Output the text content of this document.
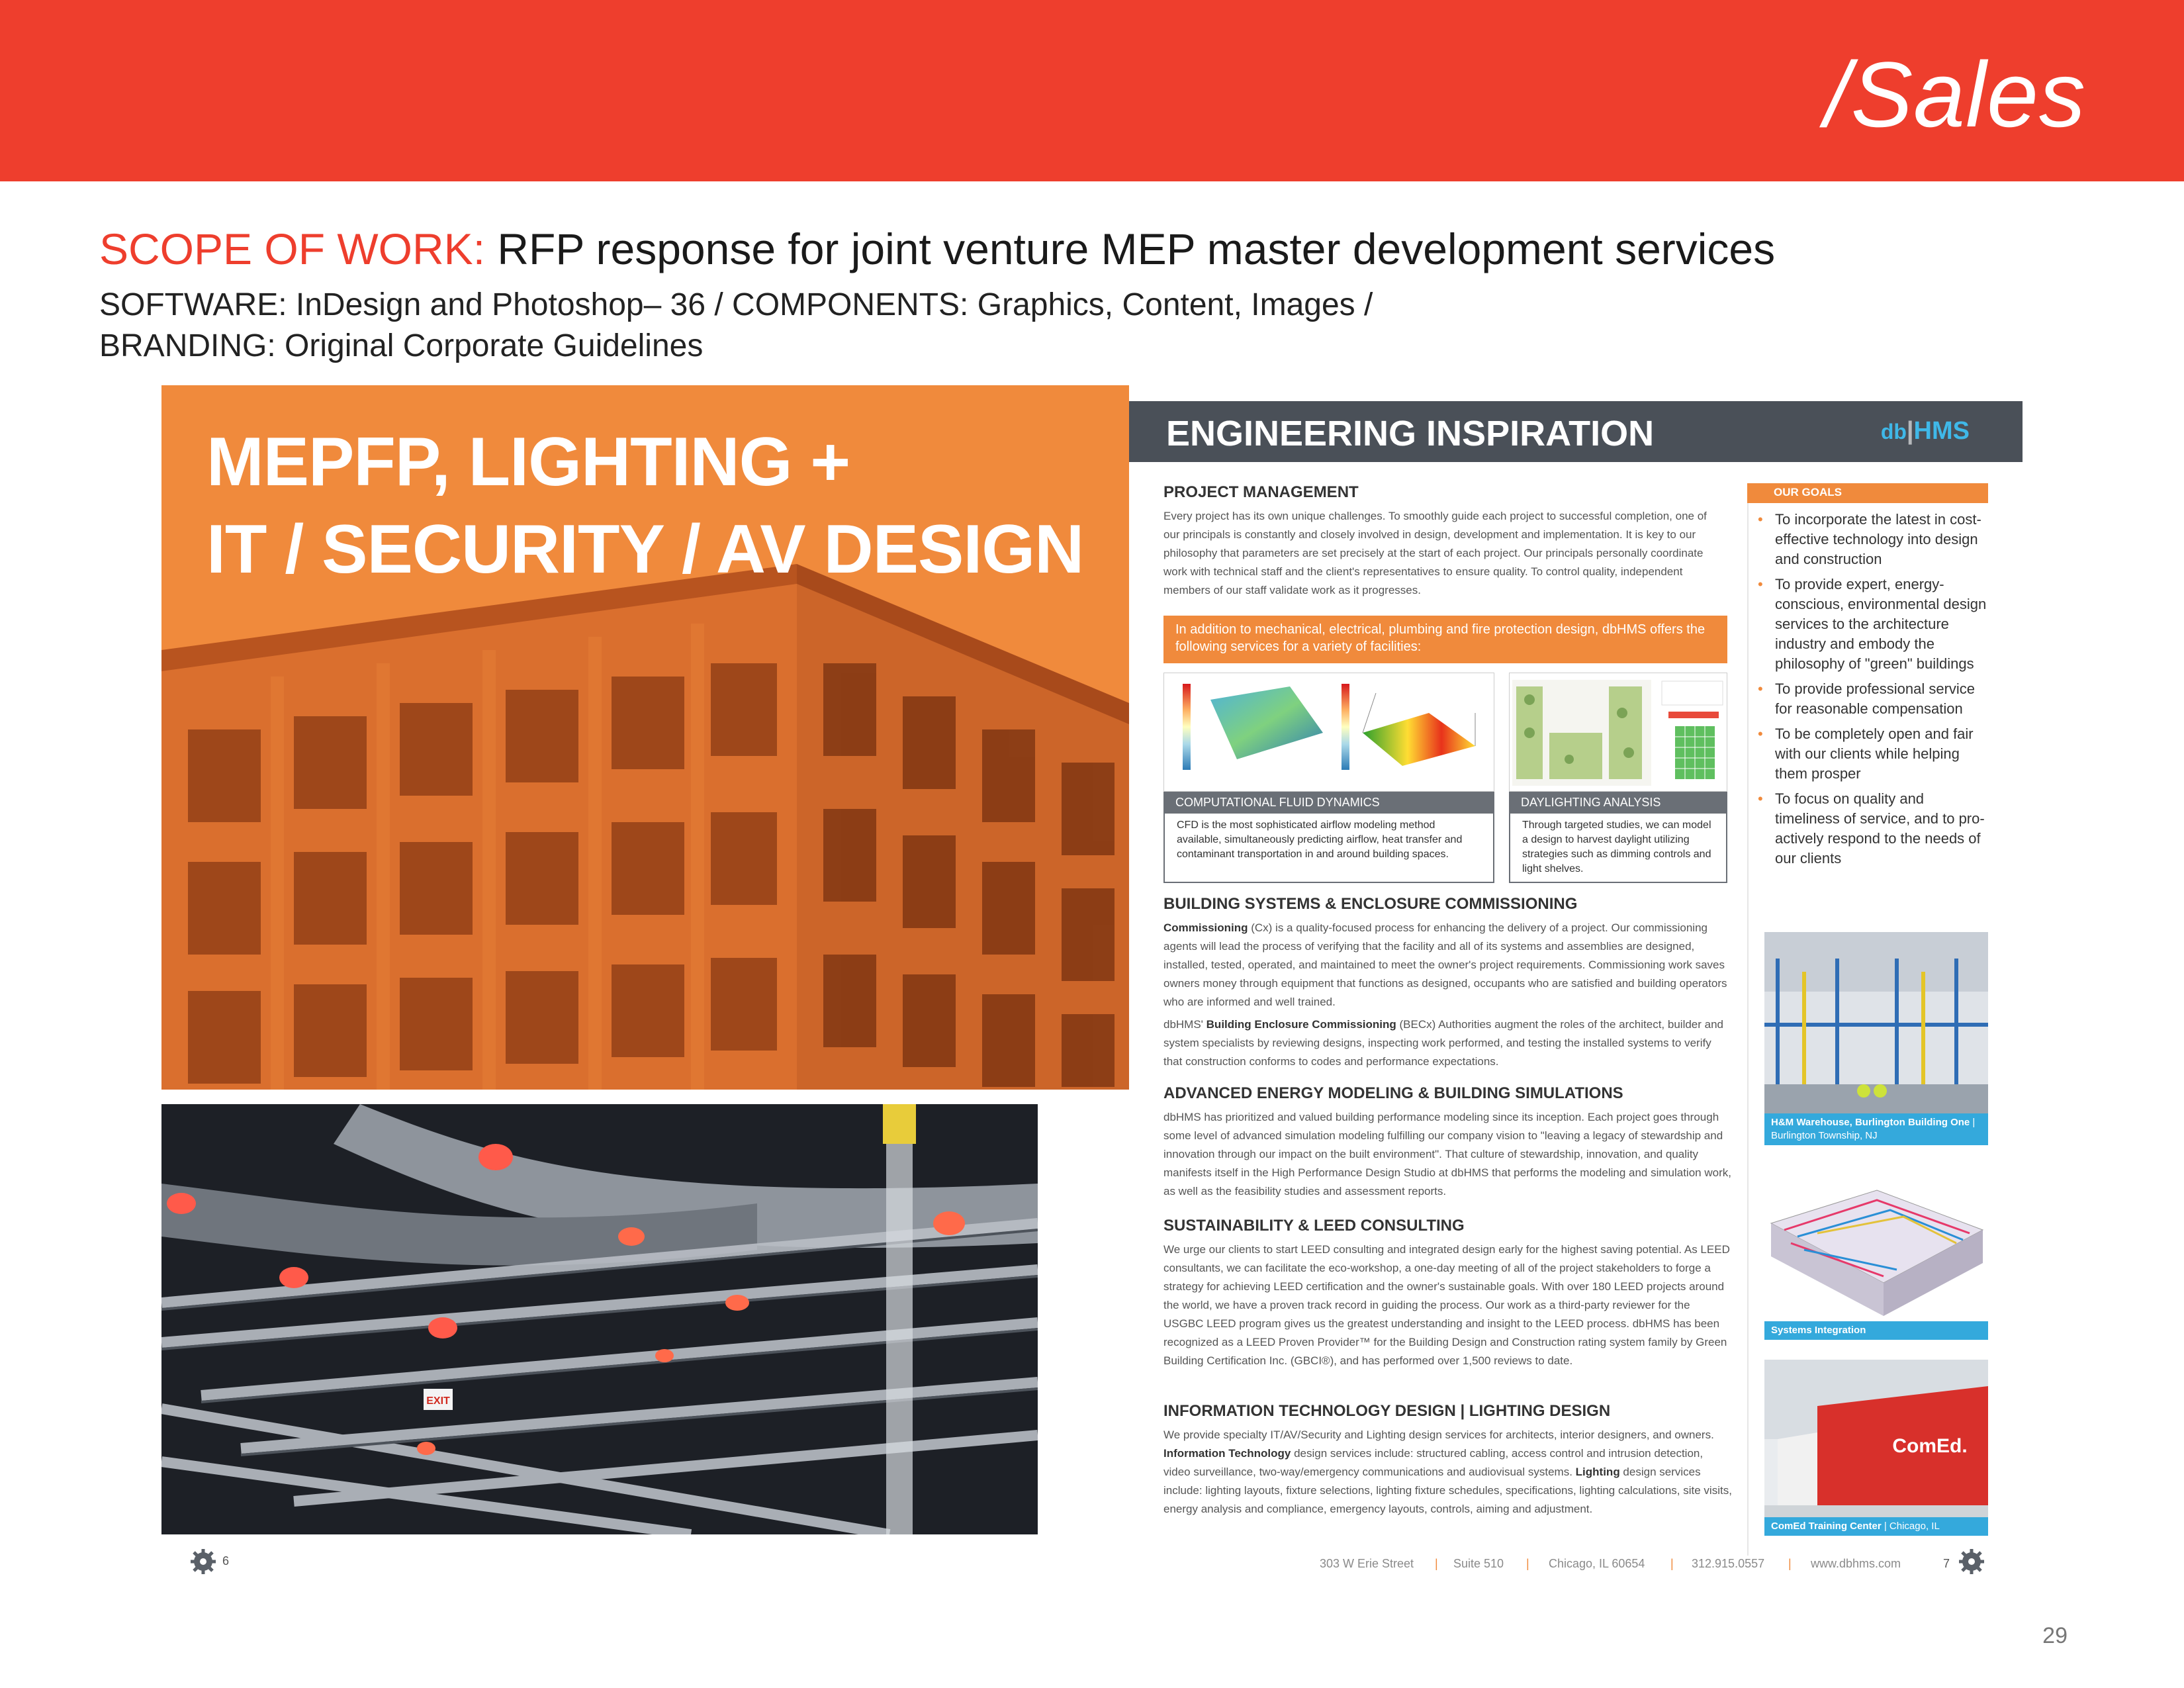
/Sales
SCOPE OF WORK: RFP response for joint venture MEP master development services
SOFTWARE: InDesign and Photoshop– 36 / COMPONENTS: Graphics, Content, Images /
BRANDING: Original Corporate Guidelines
MEPFP, LIGHTING +
IT / SECURITY / AV DESIGN
EXIT
6
ENGINEERING INSPIRATION	db|HMS
PROJECT MANAGEMENT
Every project has its own unique challenges. To smoothly guide each project to successful completion, one of our principals is constantly and closely involved in design, development and implementation. It is key to our philosophy that parameters are set precisely at the start of each project. Our principals personally coordinate work with technical staff and the client's representatives to ensure quality. To control quality, independent members of our staff validate work as it progresses.
In addition to mechanical, electrical, plumbing and fire protection design, dbHMS offers the following services for a variety of facilities:
COMPUTATIONAL FLUID DYNAMICS
CFD is the most sophisticated airflow modeling method available, simultaneously predicting airflow, heat transfer and contaminant transportation in and around building spaces.
DAYLIGHTING ANALYSIS
Through targeted studies, we can model a design to harvest daylight utilizing strategies such as dimming controls and light shelves.
BUILDING SYSTEMS & ENCLOSURE COMMISSIONING
Commissioning (Cx) is a quality-focused process for enhancing the delivery of a project. Our commissioning agents will lead the process of verifying that the facility and all of its systems and assemblies are designed, installed, tested, operated, and maintained to meet the owner's project requirements. Commissioning work saves owners money through equipment that functions as designed, occupants who are satisfied and building operators who are informed and well trained.
dbHMS' Building Enclosure Commissioning (BECx) Authorities augment the roles of the architect, builder and system specialists by reviewing designs, inspecting work performed, and testing the installed systems to verify that construction conforms to codes and performance expectations.
ADVANCED ENERGY MODELING & BUILDING SIMULATIONS
dbHMS has prioritized and valued building performance modeling since its inception. Each project goes through some level of advanced simulation modeling fulfilling our company vision to "leaving a legacy of stewardship and innovation through our impact on the built environment". That culture of stewardship, innovation, and quality manifests itself in the High Performance Design Studio at dbHMS that performs the modeling and simulation work, as well as the feasibility studies and assessment reports.
SUSTAINABILITY & LEED CONSULTING
We urge our clients to start LEED consulting and integrated design early for the highest saving potential. As LEED consultants, we can facilitate the eco-workshop, a one-day meeting of all of the project stakeholders to forge a strategy for achieving LEED certification and the owner's sustainable goals. With over 180 LEED projects around the world, we have a proven track record in guiding the process. Our work as a third-party reviewer for the USGBC LEED program gives us the greatest understanding and insight to the LEED process. dbHMS has been recognized as a LEED Proven Provider™ for the Building Design and Construction rating system family by Green Building Certification Inc. (GBCI®), and has performed over 1,500 reviews to date.
INFORMATION TECHNOLOGY DESIGN | LIGHTING DESIGN
We provide specialty IT/AV/Security and Lighting design services for architects, interior designers, and owners. Information Technology design services include: structured cabling, access control and intrusion detection, video surveillance, two-way/emergency communications and audiovisual systems. Lighting design services include: lighting layouts, fixture selections, lighting fixture schedules, specifications, lighting calculations, site visits, energy analysis and compliance, emergency layouts, controls, aiming and adjustment.
OUR GOALS
• To incorporate the latest in cost-effective technology into design and construction
• To provide expert, energy-conscious, environmental design services to the architecture industry and embody the philosophy of "green" buildings
• To provide professional service for reasonable compensation
• To be completely open and fair with our clients while helping them prosper
• To focus on quality and timeliness of service, and to pro-actively respond to the needs of our clients
H&M Warehouse, Burlington Building One | Burlington Township, NJ
Systems Integration
ComEd.
ComEd Training Center | Chicago, IL
303 W Erie Street | Suite 510 | Chicago, IL 60654 | 312.915.0557 | www.dbhms.com	7
29
